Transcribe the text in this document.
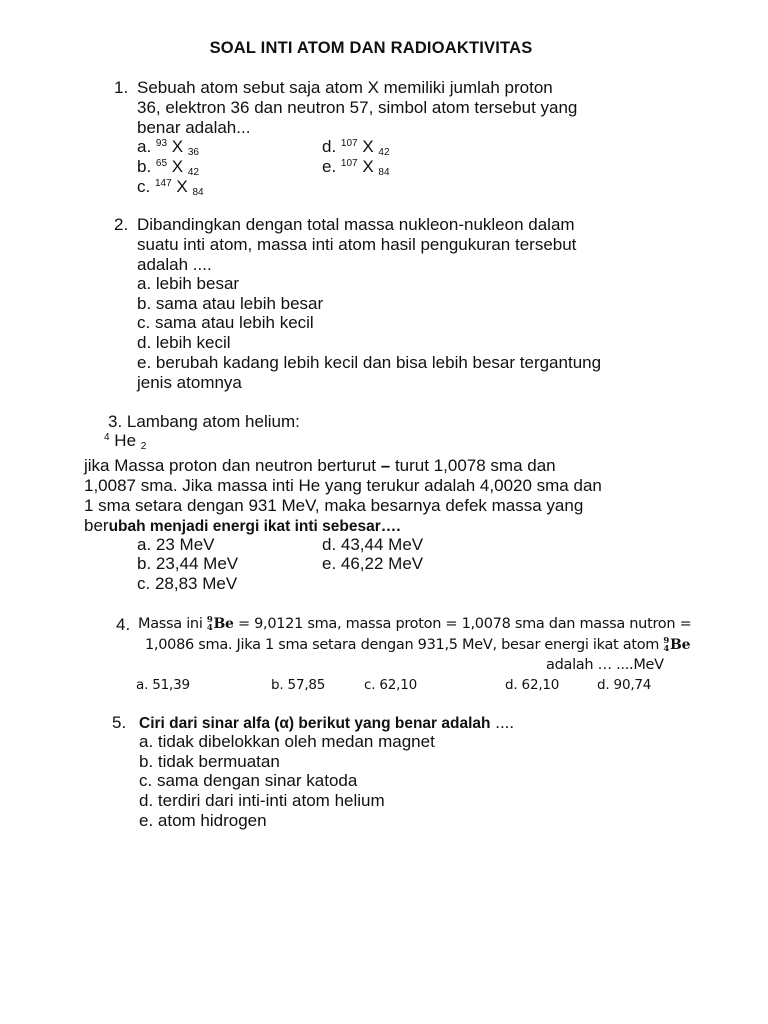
SOAL INTI ATOM DAN RADIOAKTIVITAS
1. Sebuah atom sebut saja atom X memiliki jumlah proton
36, elektron 36 dan neutron 57, simbol atom tersebut yang
benar adalah...
a. $^{93}$ X $_{36}$
b. $^{65}$ X $_{42}$
c. $^{147}$ X $_{84}$
d. $^{107}$ X $_{42}$
e. $^{107}$ X $_{84}$
2. Dibandingkan dengan total massa nukleon-nukleon dalam
suatu inti atom, massa inti atom hasil pengukuran tersebut
adalah ....
a. lebih besar
b. sama atau lebih besar
c. sama atau lebih kecil
d. lebih kecil
e. berubah kadang lebih kecil dan bisa lebih besar tergantung
jenis atomnya
3. Lambang atom helium:
$^4$ He $_2$
jika Massa proton dan neutron berturut – turut 1,0078 sma dan
1,0087 sma. Jika massa inti He yang terukur adalah 4,0020 sma dan
1 sma setara dengan 931 MeV, maka besarnya defek massa yang
berubah menjadi energi ikat inti sebesar….
a. 23 MeV
b. 23,44 MeV
c. 28,83 MeV
d. 43,44 MeV
e. 46,22 MeV
4. Massa ini 9
4Be = 9,0121 sma, massa proton = 1,0078 sma dan massa nutron =
1,0086 sma. Jika 1 sma setara dengan 931,5 MeV, besar energi ikat atom 9
4Be
adalah … ....MeV
a. 51,39	b. 57,85	c. 62,10	d. 62,10	d. 90,74
5. Ciri dari sinar alfa (α) berikut yang benar adalah ....
a. tidak dibelokkan oleh medan magnet
b. tidak bermuatan
c. sama dengan sinar katoda
d. terdiri dari inti-inti atom helium
e. atom hidrogen
